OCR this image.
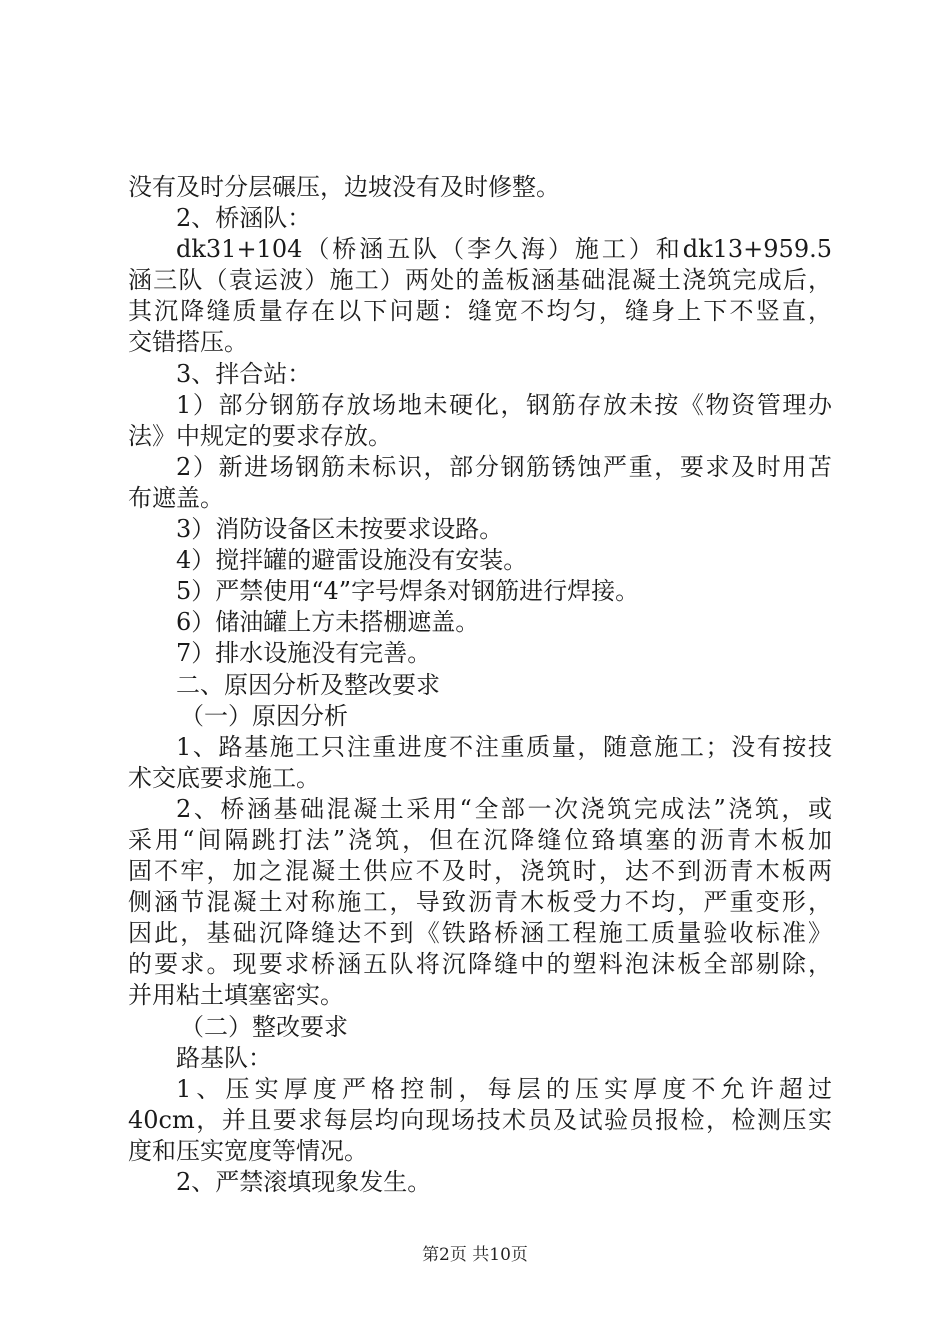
没有及时分层碾压，边坡没有及时修整。
2、桥涵队：
dk31+104（桥涵五队（李久海）施工）和dk13+959.5
涵三队（袁运波）施工）两处的盖板涵基础混凝土浇筑完成后，
其沉降缝质量存在以下问题：缝宽不均匀，缝身上下不竖直，
交错搭压。
3、拌合站：
1）部分钢筋存放场地未硬化，钢筋存放未按《物资管理办
法》中规定的要求存放。
2）新进场钢筋未标识，部分钢筋锈蚀严重，要求及时用苫
布遮盖。
3）消防设备区未按要求设路。
4）搅拌罐的避雷设施没有安装。
5）严禁使用“4”字号焊条对钢筋进行焊接。
6）储油罐上方未搭棚遮盖。
7）排水设施没有完善。
二、原因分析及整改要求
（一）原因分析
1、路基施工只注重进度不注重质量，随意施工；没有按技
术交底要求施工。
2、桥涵基础混凝土采用“全部一次浇筑完成法”浇筑，或
采用“间隔跳打法”浇筑，但在沉降缝位臵填塞的沥青木板加
固不牢，加之混凝土供应不及时，浇筑时，达不到沥青木板两
侧涵节混凝土对称施工，导致沥青木板受力不均，严重变形，
因此，基础沉降缝达不到《铁路桥涵工程施工质量验收标准》
的要求。现要求桥涵五队将沉降缝中的塑料泡沫板全部剔除，
并用粘土填塞密实。
（二）整改要求
路基队：
1、压实厚度严格控制，每层的压实厚度不允许超过
40cm，并且要求每层均向现场技术员及试验员报检，检测压实
度和压实宽度等情况。
2、严禁滚填现象发生。
第2页 共10页
